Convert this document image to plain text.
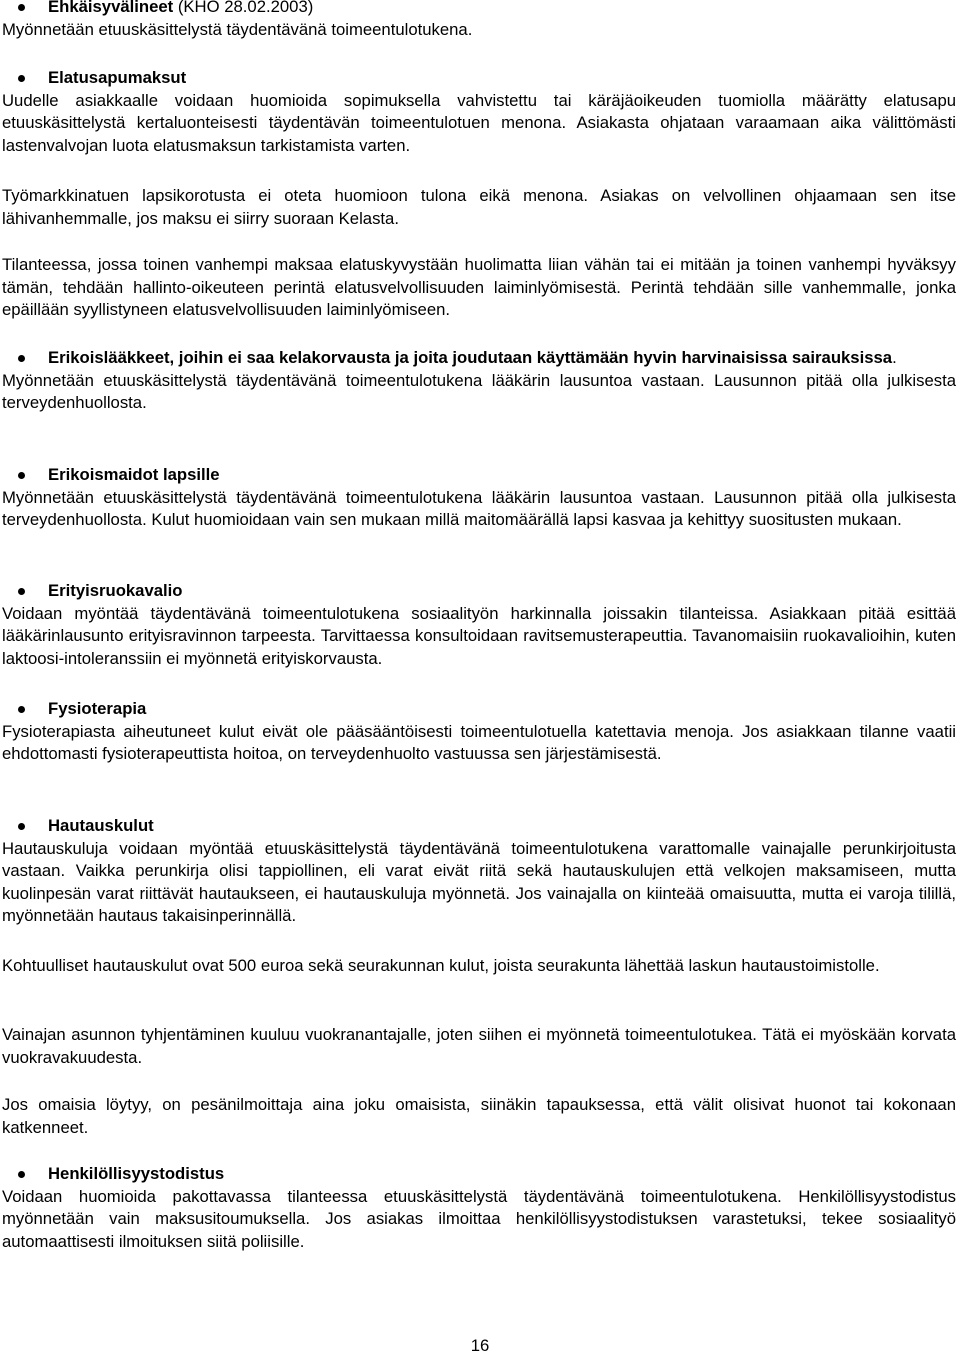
Ehkäisyvälineet (KHO 28.02.2003)
Myönnetään etuuskäsittelystä täydentävänä toimeentulotukena.
Elatusapumaksut
Uudelle asiakkaalle voidaan huomioida sopimuksella vahvistettu tai käräjäoikeuden tuomiolla määrätty elatusapu etuuskäsittelystä kertaluonteisesti täydentävän toimeentulotuen menona. Asiakasta ohjataan varaamaan aika välittömästi lastenvalvojan luota elatusmaksun tarkistamista varten.
Työmarkkinatuen lapsikorotusta ei oteta huomioon tulona eikä menona. Asiakas on velvollinen ohjaamaan sen itse lähivanhemmalle, jos maksu ei siirry suoraan Kelasta.
Tilanteessa, jossa toinen vanhempi maksaa elatuskyvystään huolimatta liian vähän tai ei mitään ja toinen vanhempi hyväksyy tämän, tehdään hallinto-oikeuteen perintä elatusvelvollisuuden laiminlyömisestä. Perintä tehdään sille vanhemmalle, jonka epäillään syyllistyneen elatusvelvollisuuden laiminlyömiseen.
Erikoislääkkeet, joihin ei saa kelakorvausta ja joita joudutaan käyttämään hyvin harvinaisissa sairauksissa.
Myönnetään etuuskäsittelystä täydentävänä toimeentulotukena lääkärin lausuntoa vastaan. Lausunnon pitää olla julkisesta terveydenhuollosta.
Erikoismaidot lapsille
Myönnetään etuuskäsittelystä täydentävänä toimeentulotukena lääkärin lausuntoa vastaan. Lausunnon pitää olla julkisesta terveydenhuollosta. Kulut huomioidaan vain sen mukaan millä maitomäärällä lapsi kasvaa ja kehittyy suositusten mukaan.
Erityisruokavalio
Voidaan myöntää täydentävänä toimeentulotukena sosiaalityön harkinnalla joissakin tilanteissa. Asiakkaan pitää esittää lääkärinlausunto erityisravinnon tarpeesta. Tarvittaessa konsultoidaan ravitsemusterapeuttia. Tavanomaisiin ruokavalioihin, kuten laktoosi-intoleranssiin ei myönnetä erityiskorvausta.
Fysioterapia
Fysioterapiasta aiheutuneet kulut eivät ole pääsääntöisesti toimeentulotuella katettavia menoja. Jos asiakkaan tilanne vaatii ehdottomasti fysioterapeuttista hoitoa, on terveydenhuolto vastuussa sen järjestämisestä.
Hautauskulut
Hautauskuluja voidaan myöntää etuuskäsittelystä täydentävänä toimeentulotukena varattomalle vainajalle perunkirjoitusta vastaan. Vaikka perunkirja olisi tappiollinen, eli varat eivät riitä sekä hautauskulujen että velkojen maksamiseen, mutta kuolinpesän varat riittävät hautaukseen, ei hautauskuluja myönnetä. Jos vainajalla on kiinteää omaisuutta, mutta ei varoja tilillä, myönnetään hautaus takaisinperinnällä.
Kohtuulliset hautauskulut ovat 500 euroa sekä seurakunnan kulut, joista seurakunta lähettää laskun hautaustoimistolle.
Vainajan asunnon tyhjentäminen kuuluu vuokranantajalle, joten siihen ei myönnetä toimeentulotukea. Tätä ei myöskään korvata vuokravakuudesta.
Jos omaisia löytyy, on pesänilmoittaja aina joku omaisista, siinäkin tapauksessa, että välit olisivat huonot tai kokonaan katkenneet.
Henkilöllisyystodistus
Voidaan huomioida pakottavassa tilanteessa etuuskäsittelystä täydentävänä toimeentulotukena. Henkilöllisyystodistus myönnetään vain maksusitoumuksella. Jos asiakas ilmoittaa henkilöllisyystodistuksen varastetuksi, tekee sosiaalityö automaattisesti ilmoituksen siitä poliisille.
16
